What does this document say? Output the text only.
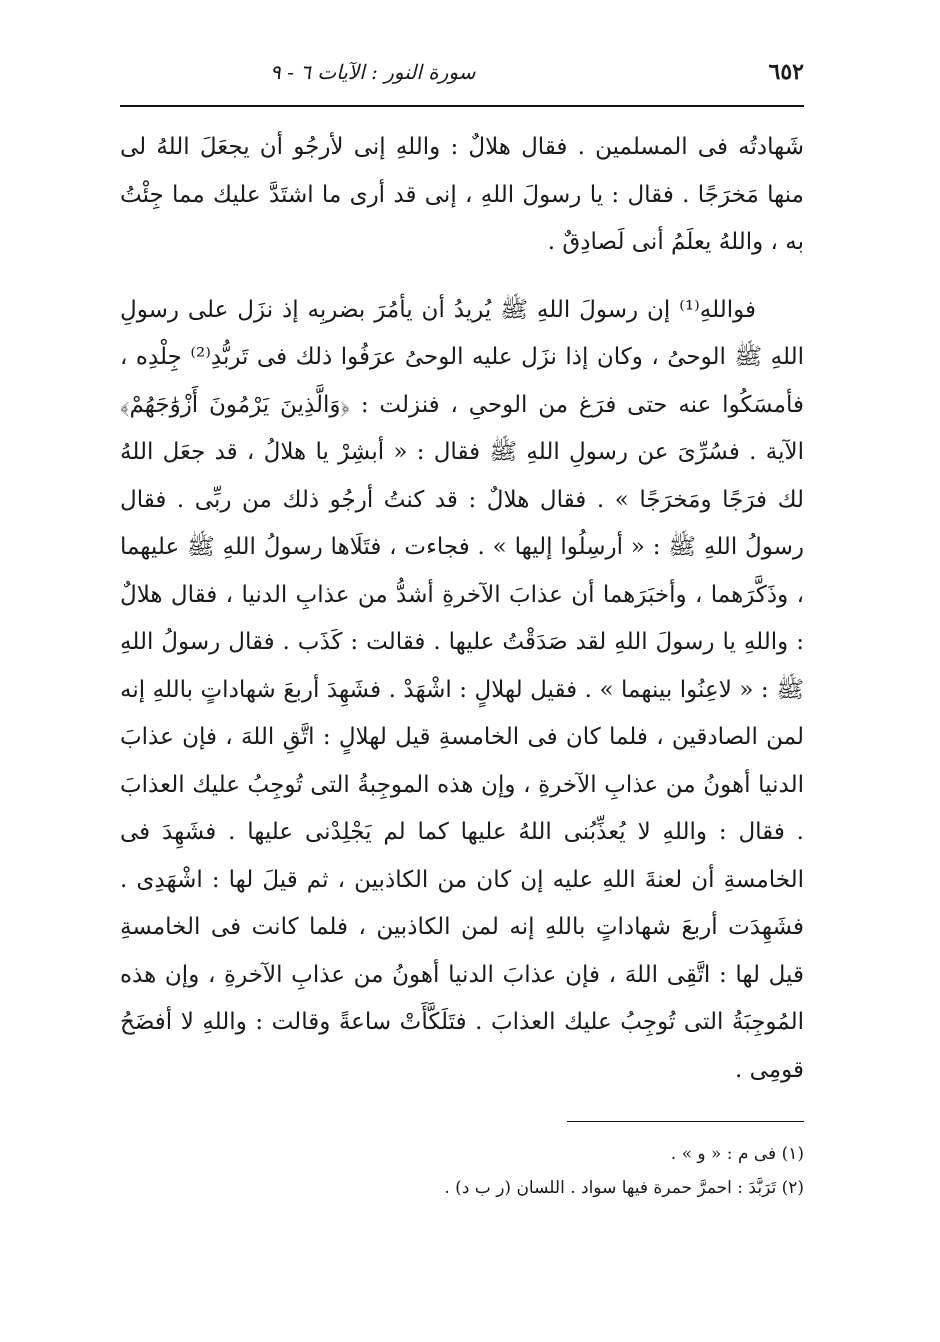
٦٥٢
سورة النور : الآيات ٦ - ٩

شَهادتُه فى المسلمين . فقال هلالٌ : واللهِ إنى لأرجُو أن يجعَلَ اللهُ لى منها مَخرَجًا . فقال : يا رسولَ اللهِ ، إنى قد أرى ما اشتَدَّ عليك مما جِئْتُ به ، واللهُ يعلَمُ أنى لَصادِقٌ .

فواللهِ⁽¹⁾ إن رسولَ اللهِ ﷺ يُريدُ أن يأمُرَ بضربِه إذ نزَل على رسولِ اللهِ ﷺ الوحىُ ، وكان إذا نزَل عليه الوحىُ عرَفُوا ذلك فى تَربُّدِ⁽²⁾ جِلْدِه ، فأمسَكُوا عنه حتى فرَغ من الوحىِ ، فنزلت : ﴿وَالَّذِينَ يَرْمُونَ أَزْوَٰجَهُمْ﴾ الآية . فسُرِّىَ عن رسولِ اللهِ ﷺ فقال : « أبشِرْ يا هلالُ ، قد جعَل اللهُ لك فرَجًا ومَخرَجًا » . فقال هلالٌ : قد كنتُ أرجُو ذلك من ربِّى . فقال رسولُ اللهِ ﷺ : « أرسِلُوا إليها » . فجاءت ، فتَلَاها رسولُ اللهِ ﷺ عليهما ، وذَكَّرَهما ، وأخبَرَهما أن عذابَ الآخرةِ أشدُّ من عذابِ الدنيا ، فقال هلالٌ : واللهِ يا رسولَ اللهِ لقد صَدَقْتُ عليها . فقالت : كَذَب . فقال رسولُ اللهِ ﷺ : « لاعِنُوا بينهما » . فقيل لهلالٍ : اشْهَدْ . فشَهِدَ أربعَ شهاداتٍ باللهِ إنه لمن الصادقين ، فلما كان فى الخامسةِ قيل لهلالٍ : اتَّقِ اللهَ ، فإن عذابَ الدنيا أهونُ من عذابِ الآخرةِ ، وإن هذه الموجِبةُ التى تُوجِبُ عليك العذابَ . فقال : واللهِ لا يُعذِّبُنى اللهُ عليها كما لم يَجْلِدْنى عليها . فشَهِدَ فى الخامسةِ أن لعنةَ اللهِ عليه إن كان من الكاذبين ، ثم قيلَ لها : اشْهَدِى . فشَهِدَت أربعَ شهاداتٍ باللهِ إنه لمن الكاذبين ، فلما كانت فى الخامسةِ قيل لها : اتَّقِى اللهَ ، فإن عذابَ الدنيا أهونُ من عذابِ الآخرةِ ، وإن هذه المُوجِبَةُ التى تُوجِبُ عليك العذابَ . فتَلَكَّأَتْ ساعةً وقالت : واللهِ لا أفضَحُ قومِى .

(١) فى م : « و » .

(٢) تَرَبَّدَ : احمرَّ حمرة فيها سواد . اللسان (ر ب د) .
